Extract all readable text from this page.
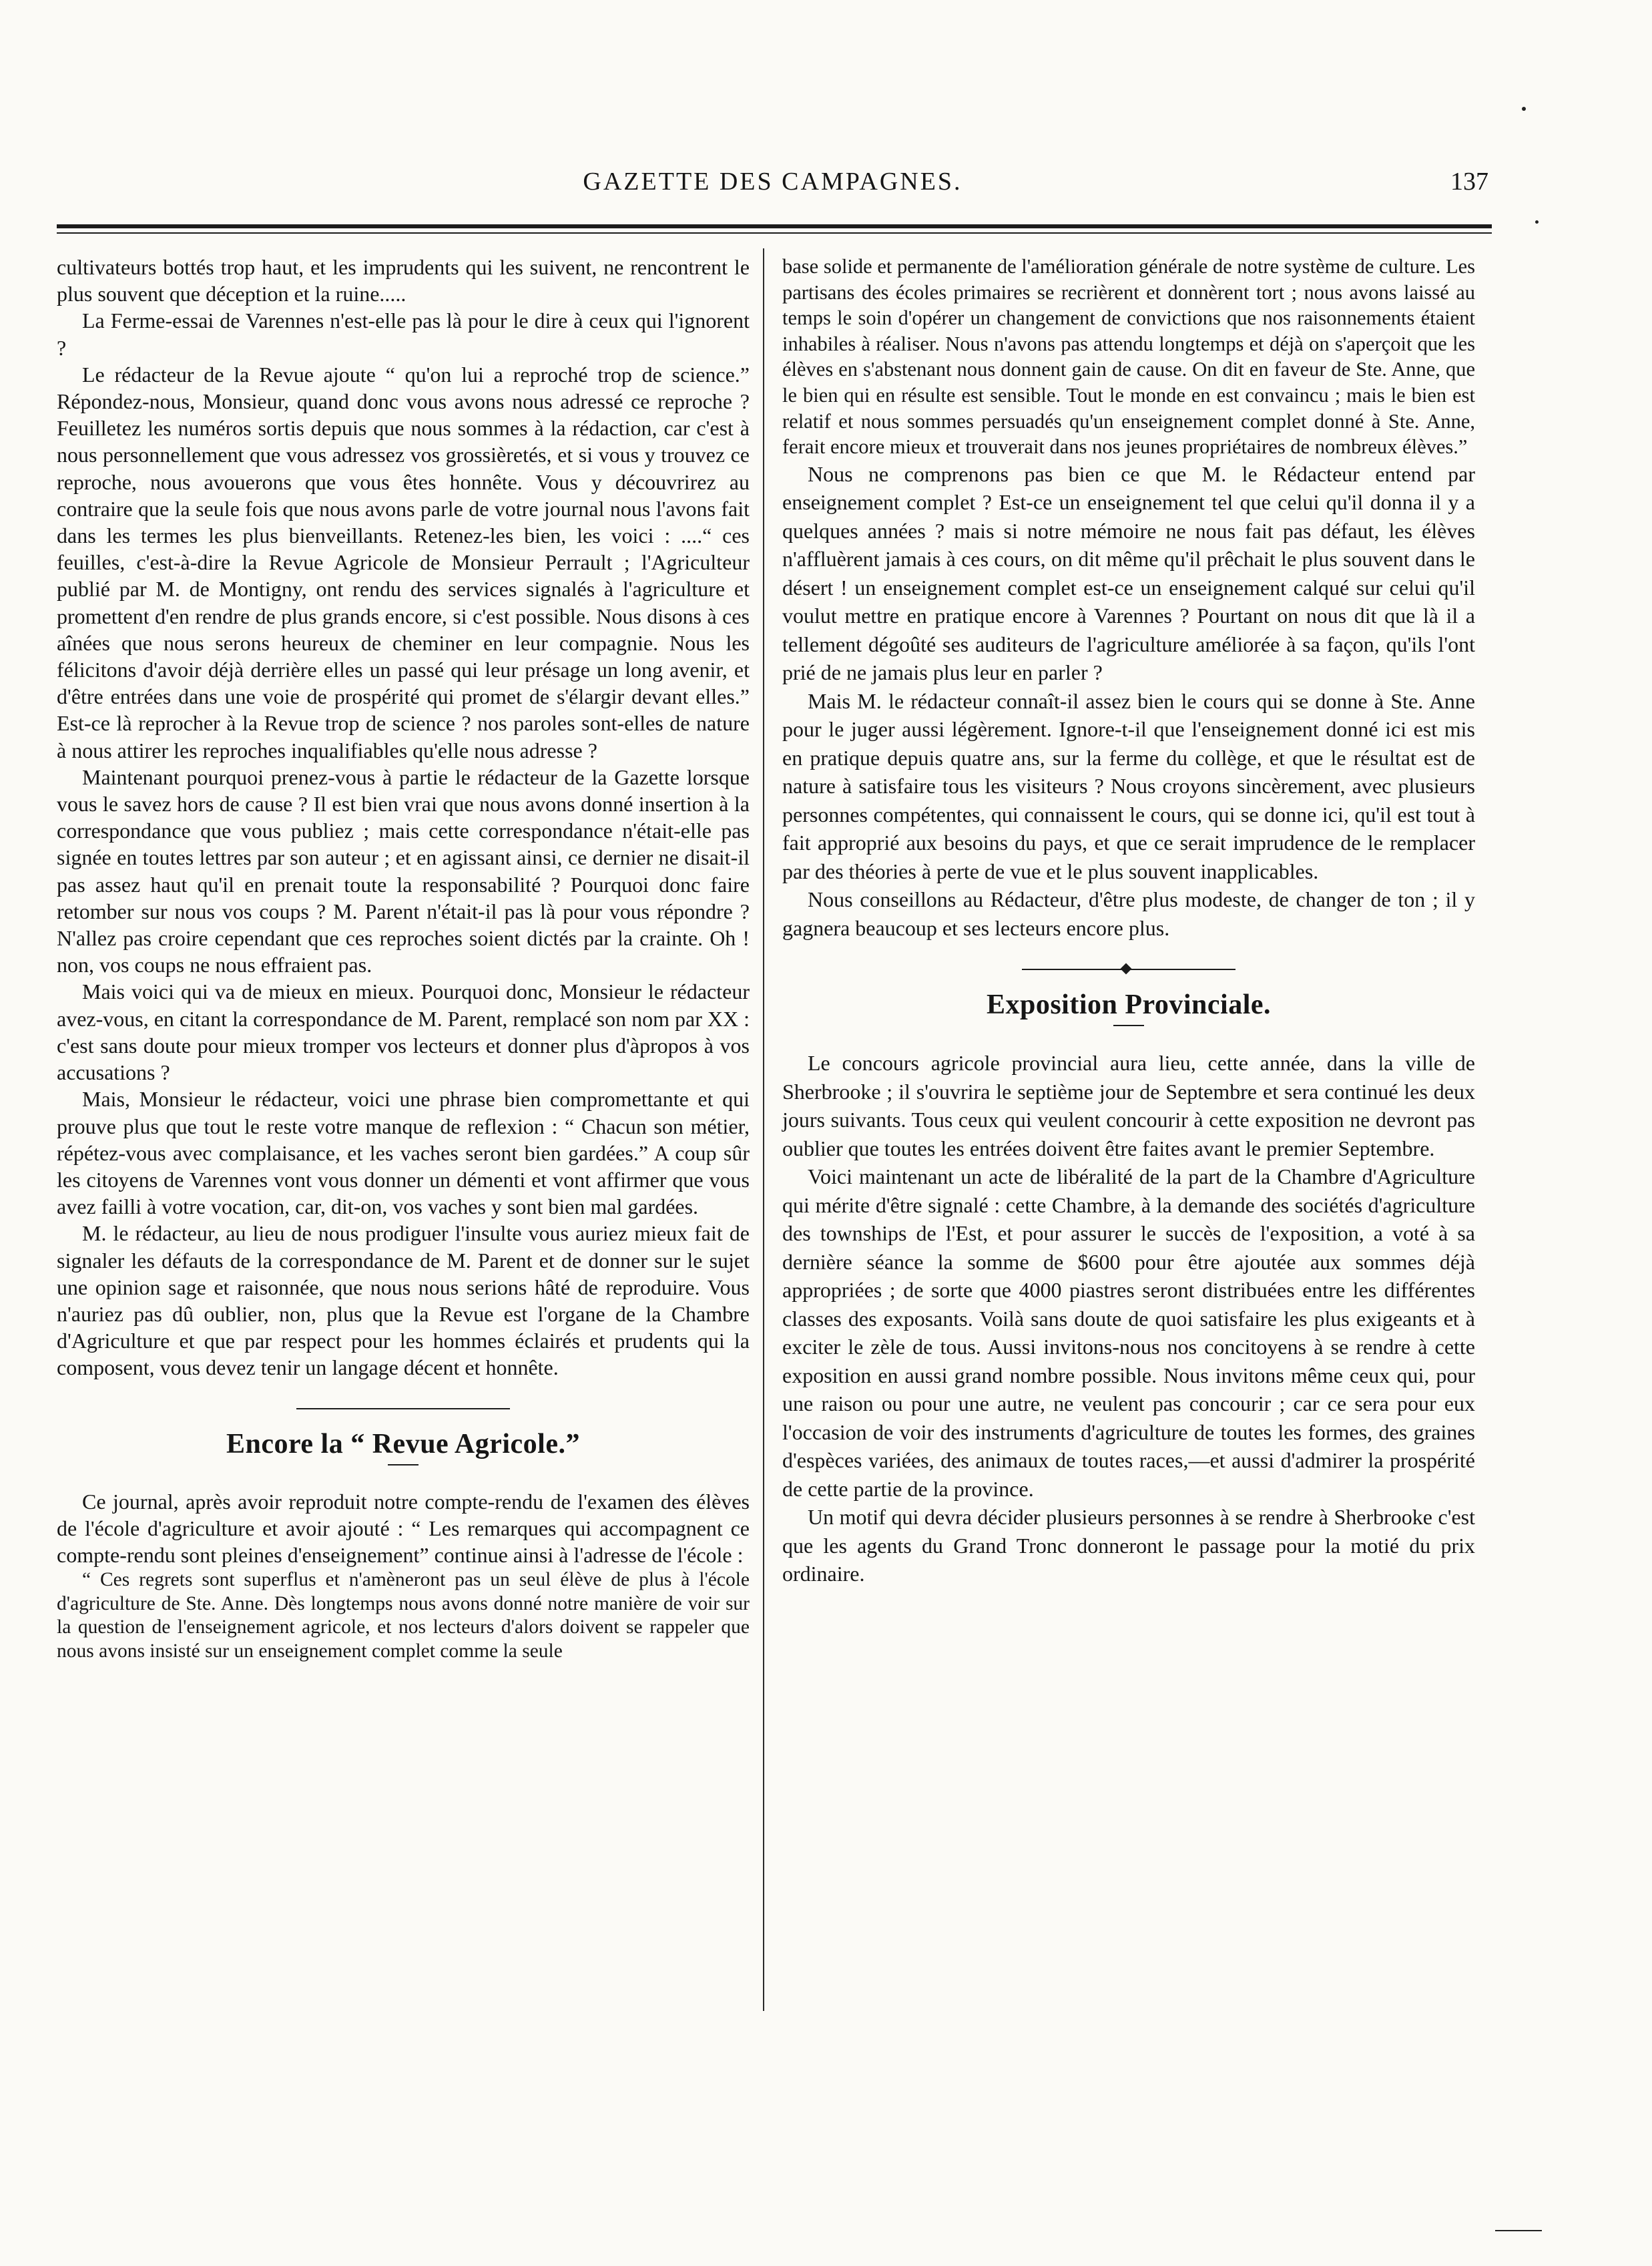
GAZETTE DES CAMPAGNES.	137

cultivateurs bottés trop haut, et les imprudents qui les suivent, ne rencontrent le plus souvent que déception et la ruine.....

La Ferme-essai de Varennes n'est-elle pas là pour le dire à ceux qui l'ignorent ?

Le rédacteur de la Revue ajoute “ qu'on lui a reproché trop de science.” Répondez-nous, Monsieur, quand donc vous avons nous adressé ce reproche ? Feuilletez les numéros sortis depuis que nous sommes à la rédaction, car c'est à nous personnellement que vous adressez vos grossièretés, et si vous y trouvez ce reproche, nous avouerons que vous êtes honnête. Vous y découvrirez au contraire que la seule fois que nous avons parle de votre journal nous l'avons fait dans les termes les plus bienveillants. Retenez-les bien, les voici : ....“ ces feuilles, c'est-à-dire la Revue Agricole de Monsieur Perrault ; l'Agriculteur publié par M. de Montigny, ont rendu des services signalés à l'agriculture et promettent d'en rendre de plus grands encore, si c'est possible. Nous disons à ces aînées que nous serons heureux de cheminer en leur compagnie. Nous les félicitons d'avoir déjà derrière elles un passé qui leur présage un long avenir, et d'être entrées dans une voie de prospérité qui promet de s'élargir devant elles.” Est-ce là reprocher à la Revue trop de science ? nos paroles sont-elles de nature à nous attirer les reproches inqualifiables qu'elle nous adresse ?

Maintenant pourquoi prenez-vous à partie le rédacteur de la Gazette lorsque vous le savez hors de cause ? Il est bien vrai que nous avons donné insertion à la correspondance que vous publiez ; mais cette correspondance n'était-elle pas signée en toutes lettres par son auteur ; et en agissant ainsi, ce dernier ne disait-il pas assez haut qu'il en prenait toute la responsabilité ? Pourquoi donc faire retomber sur nous vos coups ? M. Parent n'était-il pas là pour vous répondre ? N'allez pas croire cependant que ces reproches soient dictés par la crainte. Oh ! non, vos coups ne nous effraient pas.

Mais voici qui va de mieux en mieux. Pourquoi donc, Monsieur le rédacteur avez-vous, en citant la correspondance de M. Parent, remplacé son nom par XX : c'est sans doute pour mieux tromper vos lecteurs et donner plus d'àpropos à vos accusations ?

Mais, Monsieur le rédacteur, voici une phrase bien compromettante et qui prouve plus que tout le reste votre manque de reflexion : “ Chacun son métier, répétez-vous avec complaisance, et les vaches seront bien gardées.” A coup sûr les citoyens de Varennes vont vous donner un démenti et vont affirmer que vous avez failli à votre vocation, car, dit-on, vos vaches y sont bien mal gardées.

M. le rédacteur, au lieu de nous prodiguer l'insulte vous auriez mieux fait de signaler les défauts de la correspondance de M. Parent et de donner sur le sujet une opinion sage et raisonnée, que nous nous serions hâté de reproduire. Vous n'auriez pas dû oublier, non, plus que la Revue est l'organe de la Chambre d'Agriculture et que par respect pour les hommes éclairés et prudents qui la composent, vous devez tenir un langage décent et honnête.

Encore la “ Revue Agricole.”

Ce journal, après avoir reproduit notre compte-rendu de l'examen des élèves de l'école d'agriculture et avoir ajouté : “ Les remarques qui accompagnent ce compte-rendu sont pleines d'enseignement” continue ainsi à l'adresse de l'école :

“ Ces regrets sont superflus et n'amèneront pas un seul élève de plus à l'école d'agriculture de Ste. Anne. Dès longtemps nous avons donné notre manière de voir sur la question de l'enseignement agricole, et nos lecteurs d'alors doivent se rappeler que nous avons insisté sur un enseignement complet comme la seule

base solide et permanente de l'amélioration générale de notre système de culture. Les partisans des écoles primaires se recrièrent et donnèrent tort ; nous avons laissé au temps le soin d'opérer un changement de convictions que nos raisonnements étaient inhabiles à réaliser. Nous n'avons pas attendu longtemps et déjà on s'aperçoit que les élèves en s'abstenant nous donnent gain de cause. On dit en faveur de Ste. Anne, que le bien qui en résulte est sensible. Tout le monde en est convaincu ; mais le bien est relatif et nous sommes persuadés qu'un enseignement complet donné à Ste. Anne, ferait encore mieux et trouverait dans nos jeunes propriétaires de nombreux élèves.”

Nous ne comprenons pas bien ce que M. le Rédacteur entend par enseignement complet ? Est-ce un enseignement tel que celui qu'il donna il y a quelques années ? mais si notre mémoire ne nous fait pas défaut, les élèves n'affluèrent jamais à ces cours, on dit même qu'il prêchait le plus souvent dans le désert ! un enseignement complet est-ce un enseignement calqué sur celui qu'il voulut mettre en pratique encore à Varennes ? Pourtant on nous dit que là il a tellement dégoûté ses auditeurs de l'agriculture améliorée à sa façon, qu'ils l'ont prié de ne jamais plus leur en parler ?

Mais M. le rédacteur connaît-il assez bien le cours qui se donne à Ste. Anne pour le juger aussi légèrement. Ignore-t-il que l'enseignement donné ici est mis en pratique depuis quatre ans, sur la ferme du collège, et que le résultat est de nature à satisfaire tous les visiteurs ? Nous croyons sincèrement, avec plusieurs personnes compétentes, qui connaissent le cours, qui se donne ici, qu'il est tout à fait approprié aux besoins du pays, et que ce serait imprudence de le remplacer par des théories à perte de vue et le plus souvent inapplicables.

Nous conseillons au Rédacteur, d'être plus modeste, de changer de ton ; il y gagnera beaucoup et ses lecteurs encore plus.

Exposition Provinciale.

Le concours agricole provincial aura lieu, cette année, dans la ville de Sherbrooke ; il s'ouvrira le septième jour de Septembre et sera continué les deux jours suivants. Tous ceux qui veulent concourir à cette exposition ne devront pas oublier que toutes les entrées doivent être faites avant le premier Septembre.

Voici maintenant un acte de libéralité de la part de la Chambre d'Agriculture qui mérite d'être signalé : cette Chambre, à la demande des sociétés d'agriculture des townships de l'Est, et pour assurer le succès de l'exposition, a voté à sa dernière séance la somme de $600 pour être ajoutée aux sommes déjà appropriées ; de sorte que 4000 piastres seront distribuées entre les différentes classes des exposants. Voilà sans doute de quoi satisfaire les plus exigeants et à exciter le zèle de tous. Aussi invitons-nous nos concitoyens à se rendre à cette exposition en aussi grand nombre possible. Nous invitons même ceux qui, pour une raison ou pour une autre, ne veulent pas concourir ; car ce sera pour eux l'occasion de voir des instruments d'agriculture de toutes les formes, des graines d'espèces variées, des animaux de toutes races,—et aussi d'admirer la prospérité de cette partie de la province.

Un motif qui devra décider plusieurs personnes à se rendre à Sherbrooke c'est que les agents du Grand Tronc donneront le passage pour la motié du prix ordinaire.
